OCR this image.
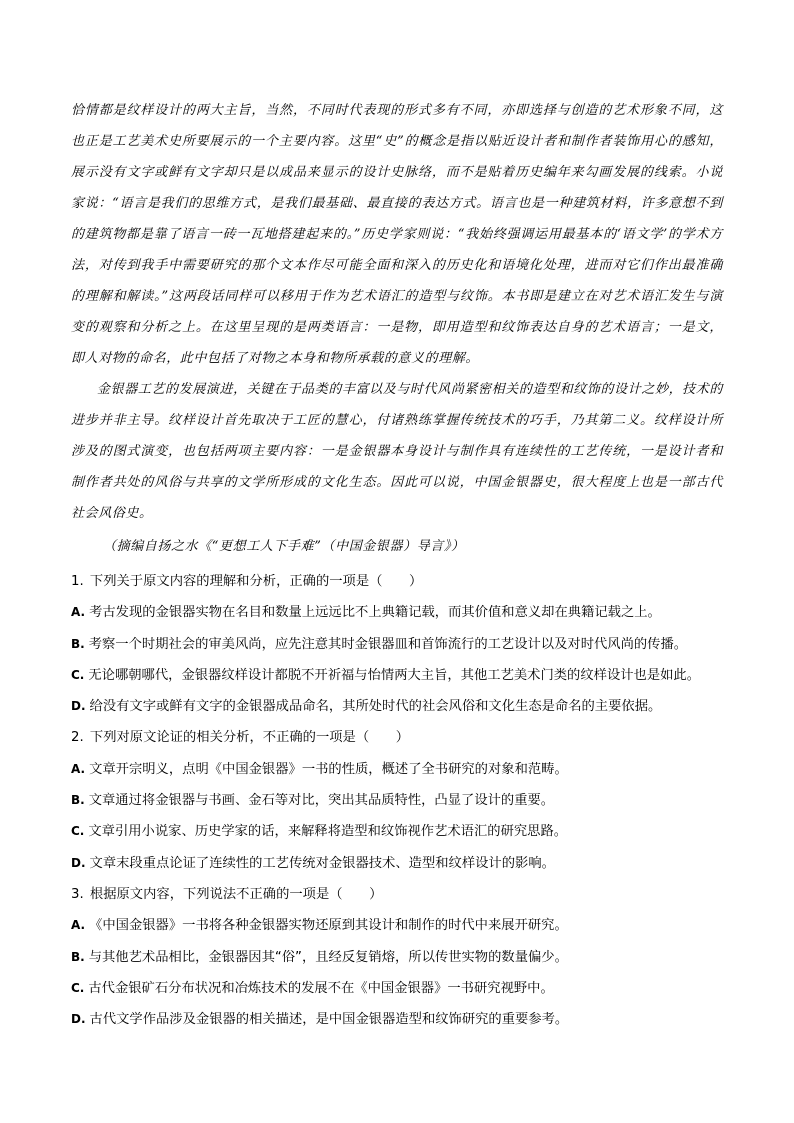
恰情都是纹样设计的两大主旨，当然，不同时代表现的形式多有不同，亦即选择与创造的艺术形象不同，这也正是工艺美术史所要展示的一个主要内容。这里“史”的概念是指以贴近设计者和制作者装饰用心的感知，展示没有文字或鲜有文字却只是以成品来显示的设计史脉络，而不是贴着历史编年来勾画发展的线索。小说家说：“语言是我们的思维方式，是我们最基础、最直接的表达方式。语言也是一种建筑材料，许多意想不到的建筑物都是靠了语言一砖一瓦地搭建起来的。”历史学家则说：“我始终强调运用最基本的‘语文学’的学术方法，对传到我手中需要研究的那个文本作尽可能全面和深入的历史化和语境化处理，进而对它们作出最准确的理解和解读。”这两段话同样可以移用于作为艺术语汇的造型与纹饰。本书即是建立在对艺术语汇发生与演变的观察和分析之上。在这里呈现的是两类语言：一是物，即用造型和纹饰表达自身的艺术语言；一是文，即人对物的命名，此中包括了对物之本身和物所承载的意义的理解。

金银器工艺的发展演进，关键在于品类的丰富以及与时代风尚紧密相关的造型和纹饰的设计之妙，技术的进步并非主导。纹样设计首先取决于工匠的慧心，付诸熟练掌握传统技术的巧手，乃其第二义。纹样设计所涉及的图式演变，也包括两项主要内容：一是金银器本身设计与制作具有连续性的工艺传统，一是设计者和制作者共处的风俗与共享的文学所形成的文化生态。因此可以说，中国金银器史，很大程度上也是一部古代社会风俗史。

（摘编自扬之水《“更想工人下手难”（中国金银器）导言》）
1. 下列关于原文内容的理解和分析，正确的一项是（　　）
A. 考古发现的金银器实物在名目和数量上远远比不上典籍记载，而其价值和意义却在典籍记载之上。
B. 考察一个时期社会的审美风尚，应先注意其时金银器皿和首饰流行的工艺设计以及对时代风尚的传播。
C. 无论哪朝哪代，金银器纹样设计都脱不开祈福与怡情两大主旨，其他工艺美术门类的纹样设计也是如此。
D. 给没有文字或鲜有文字的金银器成品命名，其所处时代的社会风俗和文化生态是命名的主要依据。
2. 下列对原文论证的相关分析，不正确的一项是（　　）
A. 文章开宗明义，点明《中国金银器》一书的性质，概述了全书研究的对象和范畴。
B. 文章通过将金银器与书画、金石等对比，突出其品质特性，凸显了设计的重要。
C. 文章引用小说家、历史学家的话，来解释将造型和纹饰视作艺术语汇的研究思路。
D. 文章末段重点论证了连续性的工艺传统对金银器技术、造型和纹样设计的影响。
3. 根据原文内容，下列说法不正确的一项是（　　）
A. 《中国金银器》一书将各种金银器实物还原到其设计和制作的时代中来展开研究。
B. 与其他艺术品相比，金银器因其“俗”，且经反复销熔，所以传世实物的数量偏少。
C. 古代金银矿石分布状况和冶炼技术的发展不在《中国金银器》一书研究视野中。
D. 古代文学作品涉及金银器的相关描述，是中国金银器造型和纹饰研究的重要参考。
